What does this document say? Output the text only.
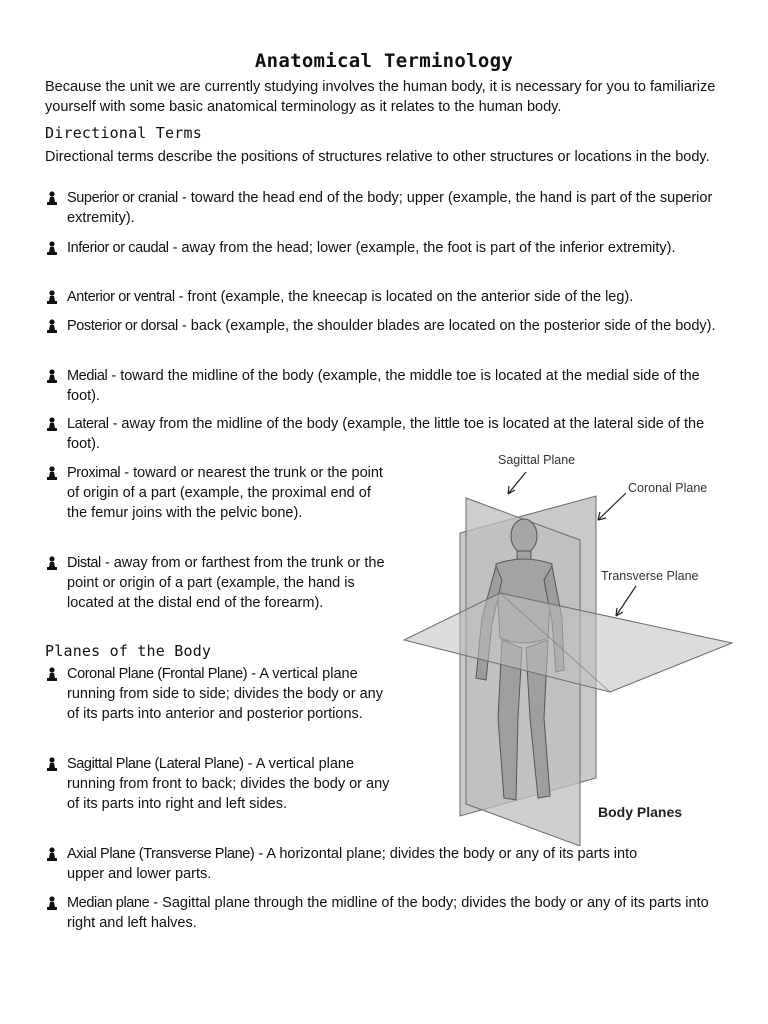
Anatomical Terminology
Because the unit we are currently studying involves the human body, it is necessary for you to familiarize yourself with some basic anatomical terminology as it relates to the human body.
Directional Terms
Directional terms describe the positions of structures relative to other structures or locations in the body.
Superior or cranial - toward the head end of the body; upper (example, the hand is part of the superior extremity).
Inferior or caudal - away from the head; lower (example, the foot is part of the inferior extremity).
Anterior or ventral - front (example, the kneecap is located on the anterior side of the leg).
Posterior or dorsal - back (example, the shoulder blades are located on the posterior side of the body).
Medial - toward the midline of the body (example, the middle toe is located at the medial side of the foot).
Lateral - away from the midline of the body (example, the little toe is located at the lateral side of the foot).
Proximal - toward or nearest the trunk or the point of origin of a part (example, the proximal end of the femur joins with the pelvic bone).
Distal - away from or farthest from the trunk or the point or origin of a part (example, the hand is located at the distal end of the forearm).
Planes of the Body
Coronal Plane (Frontal Plane) - A vertical plane running from side to side; divides the body or any of its parts into anterior and posterior portions.
Sagittal Plane (Lateral Plane) - A vertical plane running from front to back; divides the body or any of its parts into right and left sides.
Axial Plane (Transverse Plane) - A horizontal plane; divides the body or any of its parts into upper and lower parts.
Median plane - Sagittal plane through the midline of the body; divides the body or any of its parts into right and left halves.
Sagittal Plane
Coronal Plane
Transverse Plane
Body Planes
